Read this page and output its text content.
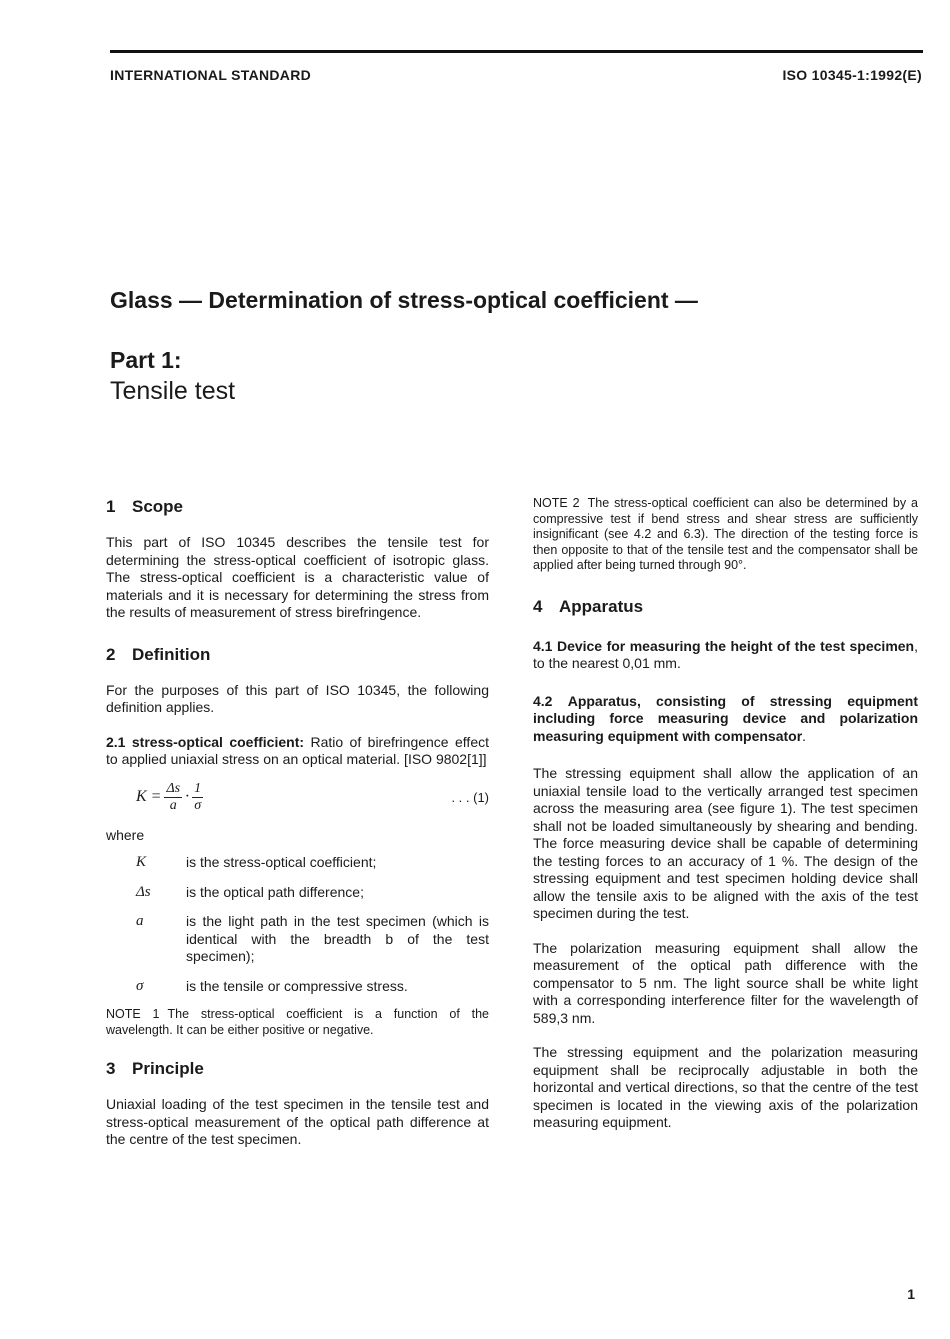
INTERNATIONAL STANDARD	ISO 10345-1:1992(E)
Glass — Determination of stress-optical coefficient —
Part 1:
Tensile test
1 Scope

This part of ISO 10345 describes the tensile test for determining the stress-optical coefficient of isotropic glass. The stress-optical coefficient is a characteristic value of materials and it is necessary for determining the stress from the results of measurement of stress birefringence.

2 Definition

For the purposes of this part of ISO 10345, the following definition applies.

2.1 stress-optical coefficient: Ratio of birefringence effect to applied uniaxial stress on an optical material. [ISO 9802[1]]

$K = \frac{\Delta s}{a} \cdot \frac{1}{\sigma}$	. . . (1)

where

K	is the stress-optical coefficient;
Δs	is the optical path difference;
a	is the light path in the test specimen (which is identical with the breadth b of the test specimen);
σ	is the tensile or compressive stress.

NOTE 1 The stress-optical coefficient is a function of the wavelength. It can be either positive or negative.

3 Principle

Uniaxial loading of the test specimen in the tensile test and stress-optical measurement of the optical path difference at the centre of the test specimen.

NOTE 2 The stress-optical coefficient can also be determined by a compressive test if bend stress and shear stress are sufficiently insignificant (see 4.2 and 6.3). The direction of the testing force is then opposite to that of the tensile test and the compensator shall be applied after being turned through 90°.

4 Apparatus

4.1 Device for measuring the height of the test specimen, to the nearest 0,01 mm.

4.2 Apparatus, consisting of stressing equipment including force measuring device and polarization measuring equipment with compensator.

The stressing equipment shall allow the application of an uniaxial tensile load to the vertically arranged test specimen across the measuring area (see figure 1). The test specimen shall not be loaded simultaneously by shearing and bending. The force measuring device shall be capable of determining the testing forces to an accuracy of 1 %. The design of the stressing equipment and test specimen holding device shall allow the tensile axis to be aligned with the axis of the test specimen during the test.

The polarization measuring equipment shall allow the measurement of the optical path difference with the compensator to 5 nm. The light source shall be white light with a corresponding interference filter for the wavelength of 589,3 nm.

The stressing equipment and the polarization measuring equipment shall be reciprocally adjustable in both the horizontal and vertical directions, so that the centre of the test specimen is located in the viewing axis of the polarization measuring equipment.

1
